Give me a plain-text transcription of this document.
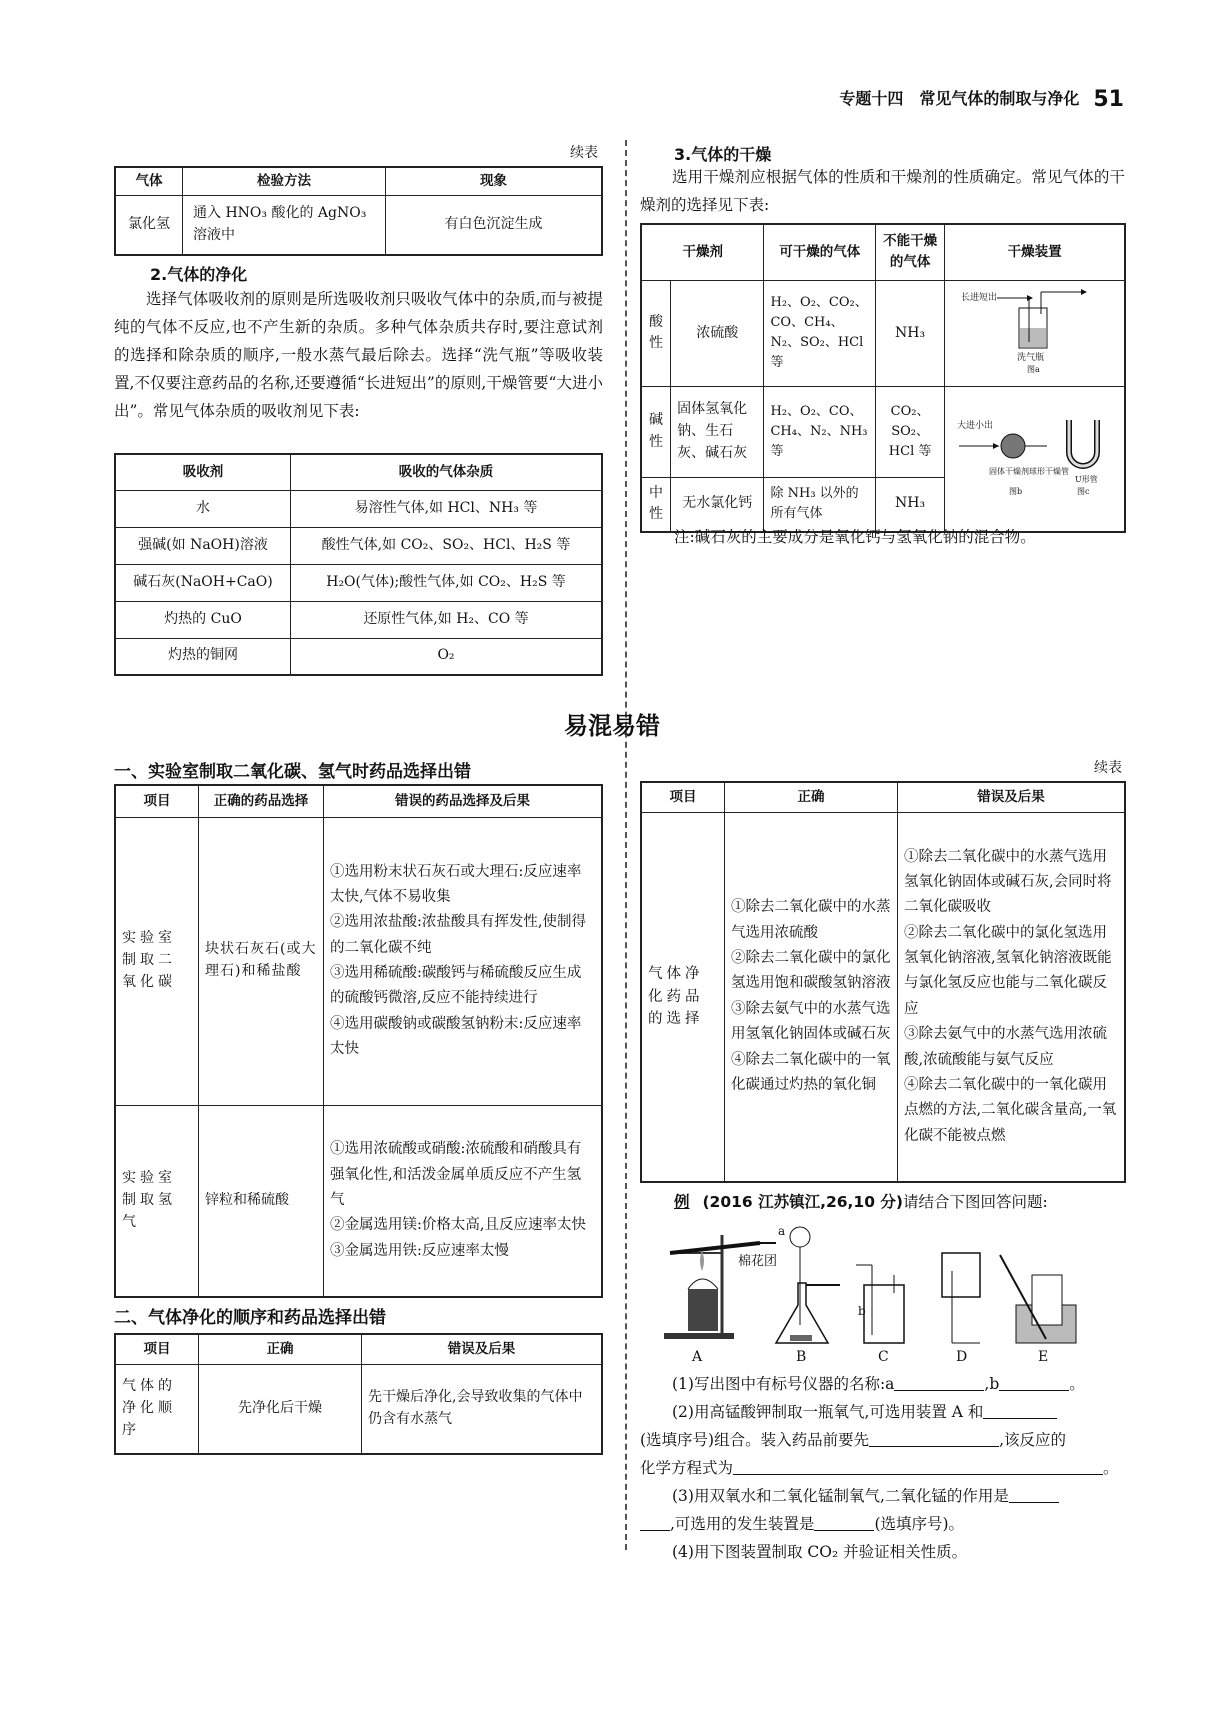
专题十四　常见气体的制取与净化 51
续表
气体	检验方法	现象
氯化氢	通入 HNO₃ 酸化的 AgNO₃ 溶液中	有白色沉淀生成
2.气体的净化
选择气体吸收剂的原则是所选吸收剂只吸收气体中的杂质,而与被提纯的气体不反应,也不产生新的杂质。多种气体杂质共存时,要注意试剂的选择和除杂质的顺序,一般水蒸气最后除去。选择“洗气瓶”等吸收装置,不仅要注意药品的名称,还要遵循“长进短出”的原则,干燥管要“大进小出”。常见气体杂质的吸收剂见下表:
吸收剂	吸收的气体杂质
水	易溶性气体,如 HCl、NH₃ 等
强碱(如 NaOH)溶液	酸性气体,如 CO₂、SO₂、HCl、H₂S 等
碱石灰(NaOH+CaO)	H₂O(气体);酸性气体,如 CO₂、H₂S 等
灼热的 CuO	还原性气体,如 H₂、CO 等
灼热的铜网	O₂
3.气体的干燥
选用干燥剂应根据气体的性质和干燥剂的性质确定。常见气体的干燥剂的选择见下表:
干燥剂		可干燥的气体	不能干燥的气体	干燥装置
酸性	浓硫酸	H₂、O₂、CO₂、CO、CH₄、N₂、SO₂、HCl 等	NH₃	长进短出
洗气瓶
图a

碱性	固体氢氧化钠、生石灰、碱石灰	H₂、O₂、CO、CH₄、N₂、NH₃ 等	CO₂、SO₂、HCl 等	大进小出
固体干燥剂球形干燥管
图b
U形管
图c

中性	无水氯化钙	除 NH₃ 以外的所有气体	NH₃	
注:碱石灰的主要成分是氧化钙与氢氧化钠的混合物。
易混易错
一、实验室制取二氧化碳、氢气时药品选择出错
项目	正确的药品选择	错误的药品选择及后果
实验室制取二氧化碳	块状石灰石(或大理石)和稀盐酸	①选用粉末状石灰石或大理石:反应速率太快,气体不易收集
②选用浓盐酸:浓盐酸具有挥发性,使制得的二氧化碳不纯
③选用稀硫酸:碳酸钙与稀硫酸反应生成的硫酸钙微溶,反应不能持续进行
④选用碳酸钠或碳酸氢钠粉末:反应速率太快
实验室制取氢气	锌粒和稀硫酸	①选用浓硫酸或硝酸:浓硫酸和硝酸具有强氧化性,和活泼金属单质反应不产生氢气
②金属选用镁:价格太高,且反应速率太快
③金属选用铁:反应速率太慢
二、气体净化的顺序和药品选择出错
项目	正确	错误及后果
气体的净化顺序	先净化后干燥	先干燥后净化,会导致收集的气体中仍含有水蒸气
续表
项目	正确	错误及后果
气体净化药品的选择	①除去二氧化碳中的水蒸气选用浓硫酸
②除去二氧化碳中的氯化氢选用饱和碳酸氢钠溶液
③除去氨气中的水蒸气选用氢氧化钠固体或碱石灰
④除去二氧化碳中的一氧化碳通过灼热的氧化铜	①除去二氧化碳中的水蒸气选用氢氧化钠固体或碱石灰,会同时将二氧化碳吸收
②除去二氧化碳中的氯化氢选用氢氧化钠溶液,氢氧化钠溶液既能与氯化氢反应也能与二氧化碳反应
③除去氨气中的水蒸气选用浓硫酸,浓硫酸能与氨气反应
④除去二氧化碳中的一氧化碳用点燃的方法,二氧化碳含量高,一氧化碳不能被点燃
例 (2016 江苏镇江,26,10 分)请结合下图回答问题:
棉花团
A
a
B
b
C	D	E
(1)写出图中有标号仪器的名称:a	,b	。
(2)用高锰酸钾制取一瓶氧气,可选用装置 A 和
(选填序号)组合。装入药品前要先	,该反应的
化学方程式为	。
(3)用双氧水和二氧化锰制氧气,二氧化锰的作用是
,可选用的发生装置是	(选填序号)。
(4)用下图装置制取 CO₂ 并验证相关性质。
